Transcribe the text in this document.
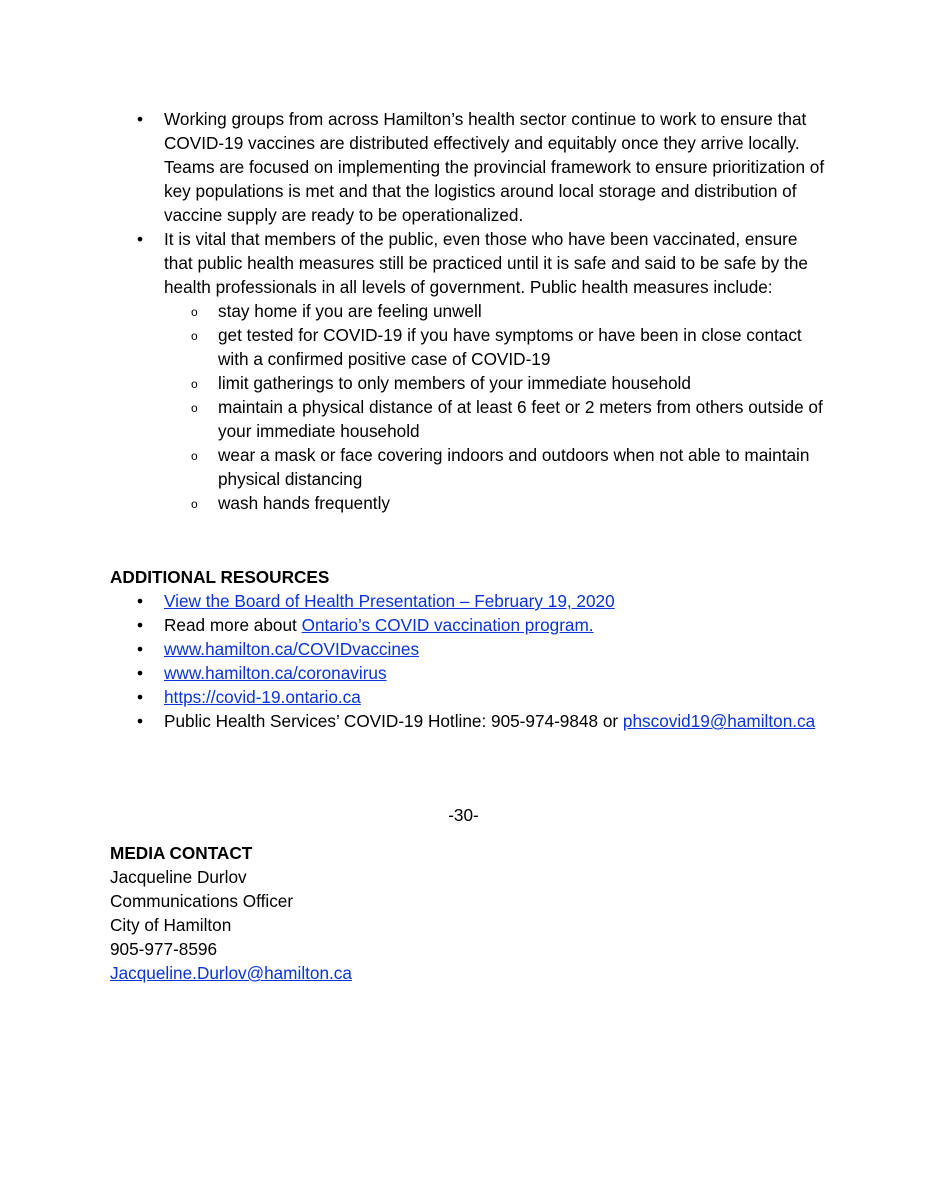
• Working groups from across Hamilton’s health sector continue to work to ensure that COVID-19 vaccines are distributed effectively and equitably once they arrive locally. Teams are focused on implementing the provincial framework to ensure prioritization of key populations is met and that the logistics around local storage and distribution of vaccine supply are ready to be operationalized.
• It is vital that members of the public, even those who have been vaccinated, ensure that public health measures still be practiced until it is safe and said to be safe by the health professionals in all levels of government. Public health measures include:
o stay home if you are feeling unwell
o get tested for COVID-19 if you have symptoms or have been in close contact with a confirmed positive case of COVID-19
o limit gatherings to only members of your immediate household
o maintain a physical distance of at least 6 feet or 2 meters from others outside of your immediate household
o wear a mask or face covering indoors and outdoors when not able to maintain physical distancing
o wash hands frequently
ADDITIONAL RESOURCES
• View the Board of Health Presentation – February 19, 2020
• Read more about Ontario’s COVID vaccination program.
• www.hamilton.ca/COVIDvaccines
• www.hamilton.ca/coronavirus
• https://covid-19.ontario.ca
• Public Health Services’ COVID-19 Hotline: 905-974-9848 or phscovid19@hamilton.ca
-30-
MEDIA CONTACT
Jacqueline Durlov
Communications Officer
City of Hamilton
905-977-8596
Jacqueline.Durlov@hamilton.ca
